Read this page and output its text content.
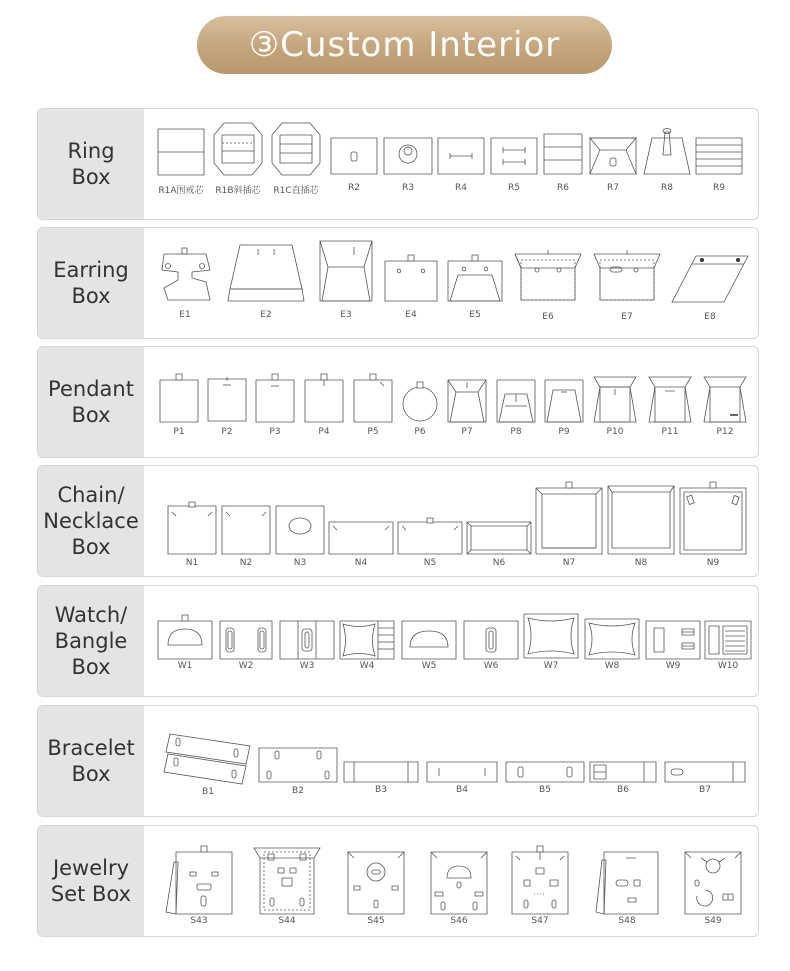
③Custom Interior
Ring
Box
R1A围戒芯	R1B斜插芯	R1C直插芯	R2	R3	R4	R5	R6	R7	R8	R9
Earring
Box
E1	E2	E3	E4	E5	E6	E7	E8
Pendant
Box
P1	P2	P3	P4	P5	P6	P7	P8	P9	P10	P11	P12
Chain/
Necklace
Box
N1	N2	N3	N4	N5	N6	N7	N8	N9
Watch/
Bangle
Box	W1	W2	W3	W4	W5	W6	W7	W8	W9	W10
Bracelet
Box
B1	B2	B3	B4	B5	B6	B7
Jewelry
Set Box
S43	S44	S45	S46	S47	S48	S49
